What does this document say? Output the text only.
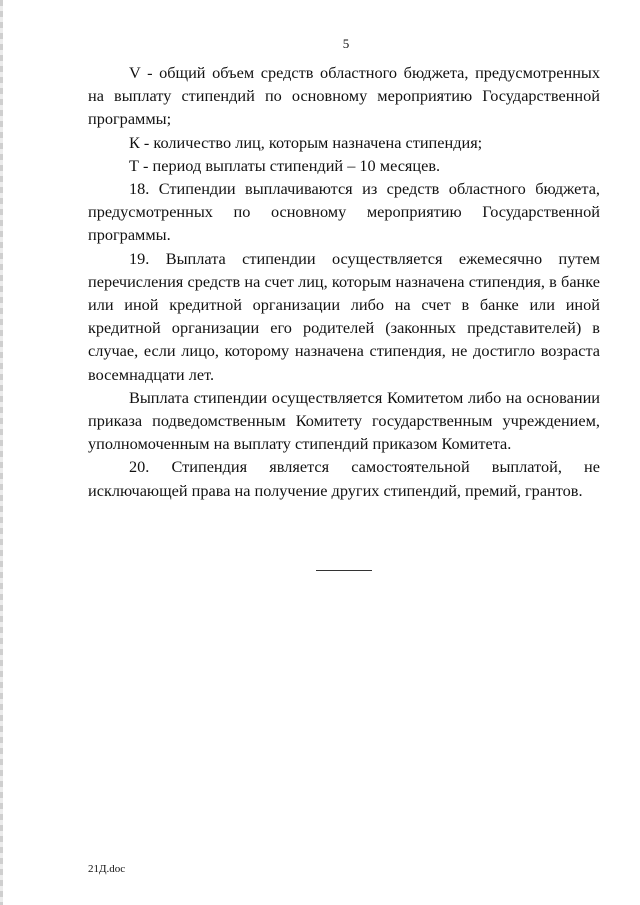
5

V - общий объем средств областного бюджета, предусмотренных на выплату стипендий по основному мероприятию Государственной программы;

К - количество лиц, которым назначена стипендия;

Т - период выплаты стипендий – 10 месяцев.

18. Стипендии выплачиваются из средств областного бюджета, предусмотренных по основному мероприятию Государственной программы.

19. Выплата стипендии осуществляется ежемесячно путем перечисления средств на счет лиц, которым назначена стипендия, в банке или иной кредитной организации либо на счет в банке или иной кредитной организации его родителей (законных представителей) в случае, если лицо, которому назначена стипендия, не достигло возраста восемнадцати лет.

Выплата стипендии осуществляется Комитетом либо на основании приказа подведомственным Комитету государственным учреждением, уполномоченным на выплату стипендий приказом Комитета.

20. Стипендия является самостоятельной выплатой, не исключающей права на получение других стипендий, премий, грантов.

21Д.doc
